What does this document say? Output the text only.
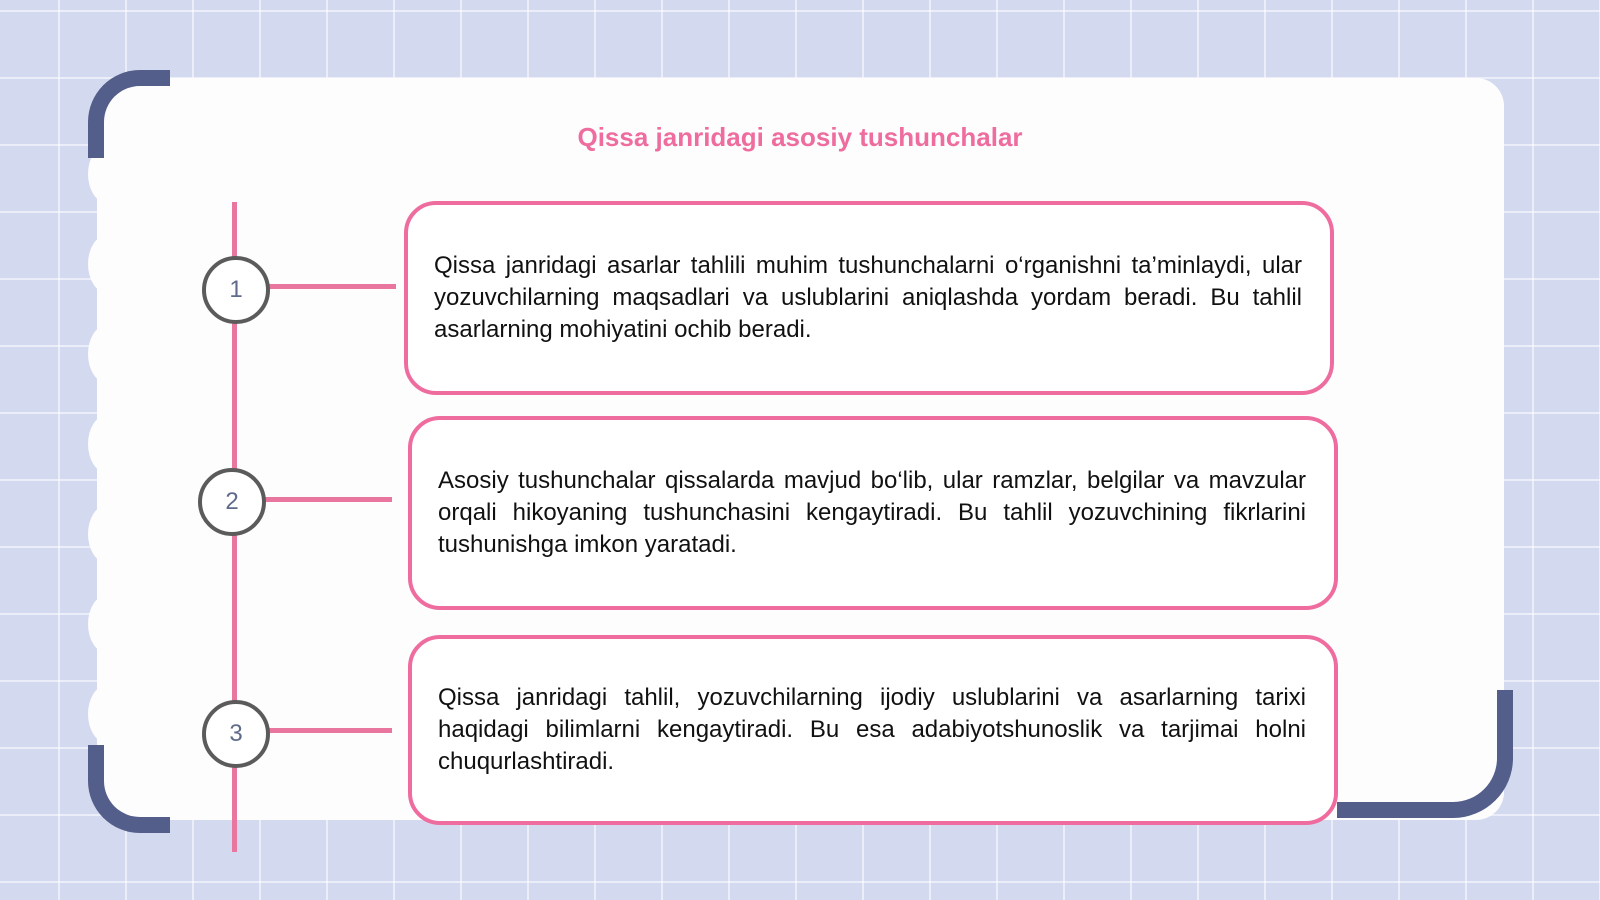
Qissa janridagi asosiy tushunchalar
1

Qissa janridagi asarlar tahlili muhim tushunchalarni o‘rganishni ta’minlaydi, ular yozuvchilarning maqsadlari va uslublarini aniqlashda yordam beradi. Bu tahlil asarlarning mohiyatini ochib beradi.

2

Asosiy tushunchalar qissalarda mavjud bo‘lib, ular ramzlar, belgilar va mavzular orqali hikoyaning tushunchasini kengaytiradi. Bu tahlil yozuvchining fikrlarini tushunishga imkon yaratadi.

3

Qissa janridagi tahlil, yozuvchilarning ijodiy uslublarini va asarlarning tarixi haqidagi bilimlarni kengaytiradi. Bu esa adabiyotshunoslik va tarjimai holni chuqurlashtiradi.
